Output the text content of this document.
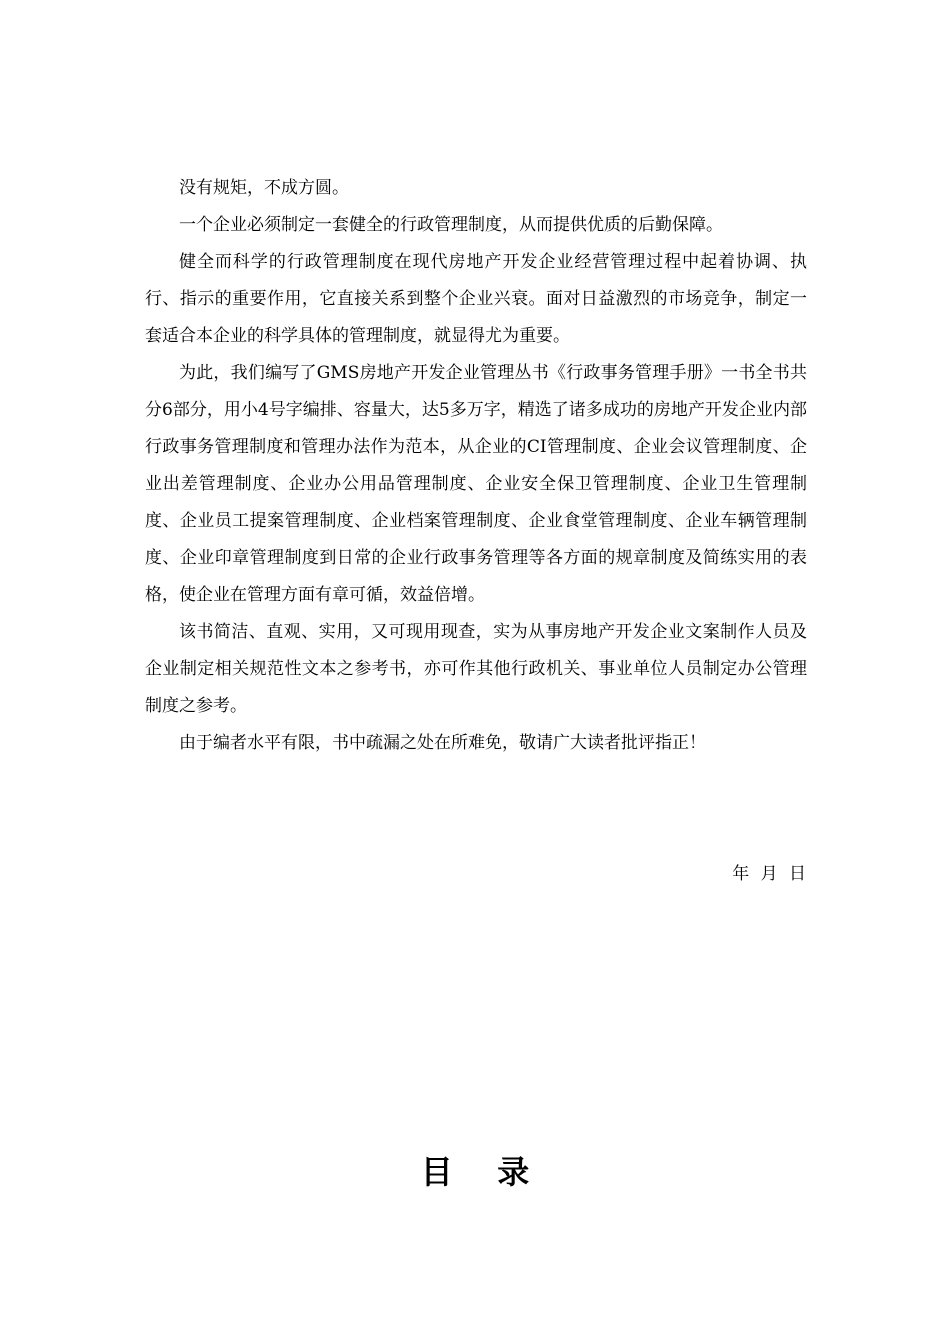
没有规矩，不成方圆。

一个企业必须制定一套健全的行政管理制度，从而提供优质的后勤保障。

健全而科学的行政管理制度在现代房地产开发企业经营管理过程中起着协调、执行、指示的重要作用，它直接关系到整个企业兴衰。面对日益激烈的市场竞争，制定一套适合本企业的科学具体的管理制度，就显得尤为重要。

为此，我们编写了GMS房地产开发企业管理丛书《行政事务管理手册》一书全书共分6部分，用小4号字编排、容量大，达5多万字，精选了诸多成功的房地产开发企业内部行政事务管理制度和管理办法作为范本，从企业的CI管理制度、企业会议管理制度、企业出差管理制度、企业办公用品管理制度、企业安全保卫管理制度、企业卫生管理制度、企业员工提案管理制度、企业档案管理制度、企业食堂管理制度、企业车辆管理制度、企业印章管理制度到日常的企业行政事务管理等各方面的规章制度及简练实用的表格，使企业在管理方面有章可循，效益倍增。

该书简洁、直观、实用，又可现用现查，实为从事房地产开发企业文案制作人员及企业制定相关规范性文本之参考书，亦可作其他行政机关、事业单位人员制定办公管理制度之参考。

由于编者水平有限，书中疏漏之处在所难免，敬请广大读者批评指正！

年 月 日
目    录
